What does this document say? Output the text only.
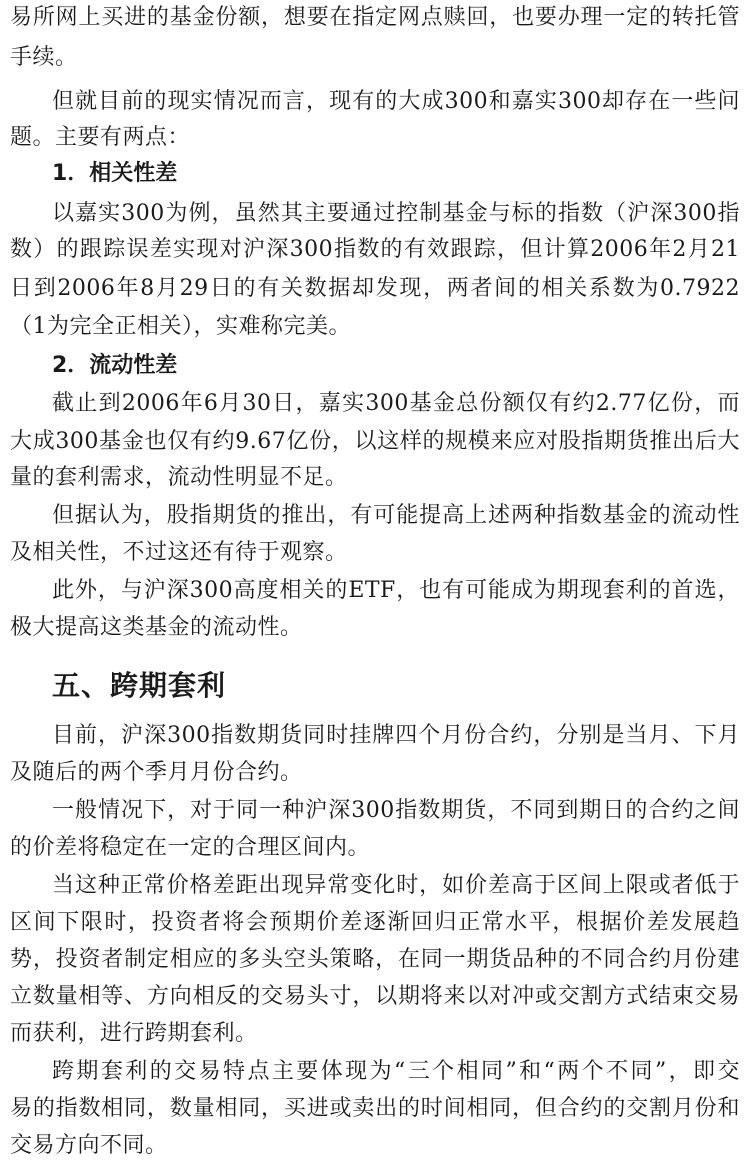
易所网上买进的基金份额，想要在指定网点赎回，也要办理一定的转托管
手续。
但就目前的现实情况而言，现有的大成300和嘉实300却存在一些问
题。主要有两点：
1．相关性差
以嘉实300为例，虽然其主要通过控制基金与标的指数（沪深300指
数）的跟踪误差实现对沪深300指数的有效跟踪，但计算2006年2月21
日到2006年8月29日的有关数据却发现，两者间的相关系数为0.7922
（1为完全正相关），实难称完美。
2．流动性差
截止到2006年6月30日，嘉实300基金总份额仅有约2.77亿份，而
大成300基金也仅有约9.67亿份，以这样的规模来应对股指期货推出后大
量的套利需求，流动性明显不足。
但据认为，股指期货的推出，有可能提高上述两种指数基金的流动性
及相关性，不过这还有待于观察。
此外，与沪深300高度相关的ETF，也有可能成为期现套利的首选，
极大提高这类基金的流动性。
五、跨期套利
目前，沪深300指数期货同时挂牌四个月份合约，分别是当月、下月
及随后的两个季月月份合约。
一般情况下，对于同一种沪深300指数期货，不同到期日的合约之间
的价差将稳定在一定的合理区间内。
当这种正常价格差距出现异常变化时，如价差高于区间上限或者低于
区间下限时，投资者将会预期价差逐渐回归正常水平，根据价差发展趋
势，投资者制定相应的多头空头策略，在同一期货品种的不同合约月份建
立数量相等、方向相反的交易头寸，以期将来以对冲或交割方式结束交易
而获利，进行跨期套利。
跨期套利的交易特点主要体现为“三个相同”和“两个不同”，即交
易的指数相同，数量相同，买进或卖出的时间相同，但合约的交割月份和
交易方向不同。
